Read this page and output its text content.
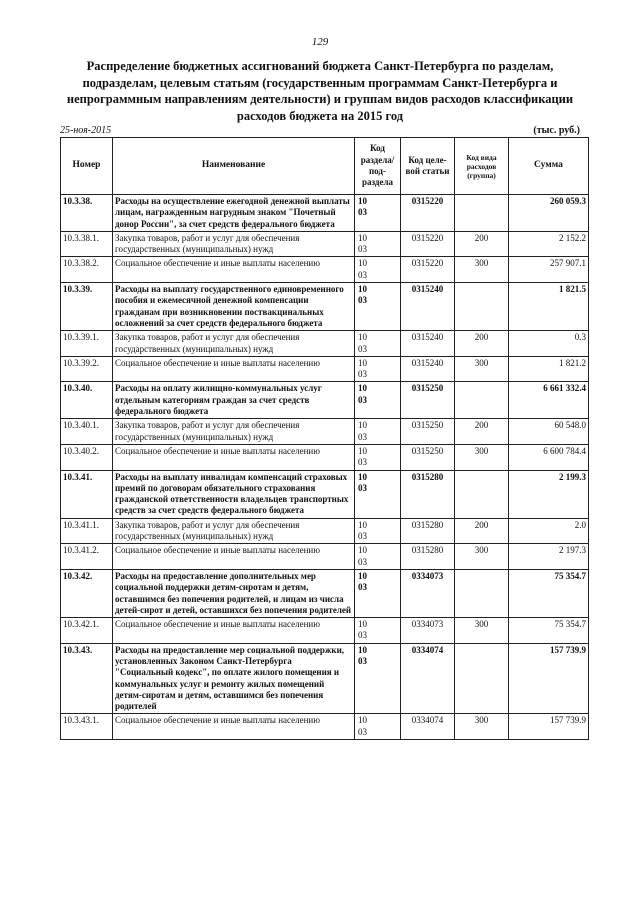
129
Распределение бюджетных ассигнований бюджета Санкт-Петербурга по разделам, подразделам, целевым статьям (государственным программам Санкт-Петербурга и непрограммным направлениям деятельности) и группам видов расходов классификации расходов бюджета на 2015 год
25-ноя-2015	(тыс. руб.)
Номер	Наименование	Код раздела/ под- раздела	Код целе- вой статьи	Код вида расходов (группа)	Сумма
10.3.38.	Расходы на осуществление ежегодной денежной выплаты лицам, награжденным нагрудным знаком "Почетный донор России", за счет средств федерального бюджета	1003	0315220		260 059.3
10.3.38.1.	Закупка товаров, работ и услуг для обеспечения государственных (муниципальных) нужд	1003	0315220	200	2 152.2
10.3.38.2.	Социальное обеспечение и иные выплаты населению	1003	0315220	300	257 907.1
10.3.39.	Расходы на выплату государственного единовременного пособия и ежемесячной денежной компенсации гражданам при возникновении поствакцинальных осложнений за счет средств федерального бюджета	1003	0315240		1 821.5
10.3.39.1.	Закупка товаров, работ и услуг для обеспечения государственных (муниципальных) нужд	1003	0315240	200	0.3
10.3.39.2.	Социальное обеспечение и иные выплаты населению	1003	0315240	300	1 821.2
10.3.40.	Расходы на оплату жилищно-коммунальных услуг отдельным категориям граждан за счет средств федерального бюджета	1003	0315250		6 661 332.4
10.3.40.1.	Закупка товаров, работ и услуг для обеспечения государственных (муниципальных) нужд	1003	0315250	200	60 548.0
10.3.40.2.	Социальное обеспечение и иные выплаты населению	1003	0315250	300	6 600 784.4
10.3.41.	Расходы на выплату инвалидам компенсаций страховых премий по договорам обязательного страхования гражданской ответственности владельцев транспортных средств за счет средств федерального бюджета	1003	0315280		2 199.3
10.3.41.1.	Закупка товаров, работ и услуг для обеспечения государственных (муниципальных) нужд	1003	0315280	200	2.0
10.3.41.2.	Социальное обеспечение и иные выплаты населению	1003	0315280	300	2 197.3
10.3.42.	Расходы на предоставление дополнительных мер социальной поддержки детям-сиротам и детям, оставшимся без попечения родителей, и лицам из числа детей-сирот и детей, оставшихся без попечения родителей	1003	0334073		75 354.7
10.3.42.1.	Социальное обеспечение и иные выплаты населению	1003	0334073	300	75 354.7
10.3.43.	Расходы на предоставление мер социальной поддержки, установленных Законом Санкт-Петербурга "Социальный кодекс", по оплате жилого помещения и коммунальных услуг и ремонту жилых помещений детям-сиротам и детям, оставшимся без попечения родителей	1003	0334074		157 739.9
10.3.43.1.	Социальное обеспечение и иные выплаты населению	1003	0334074	300	157 739.9
